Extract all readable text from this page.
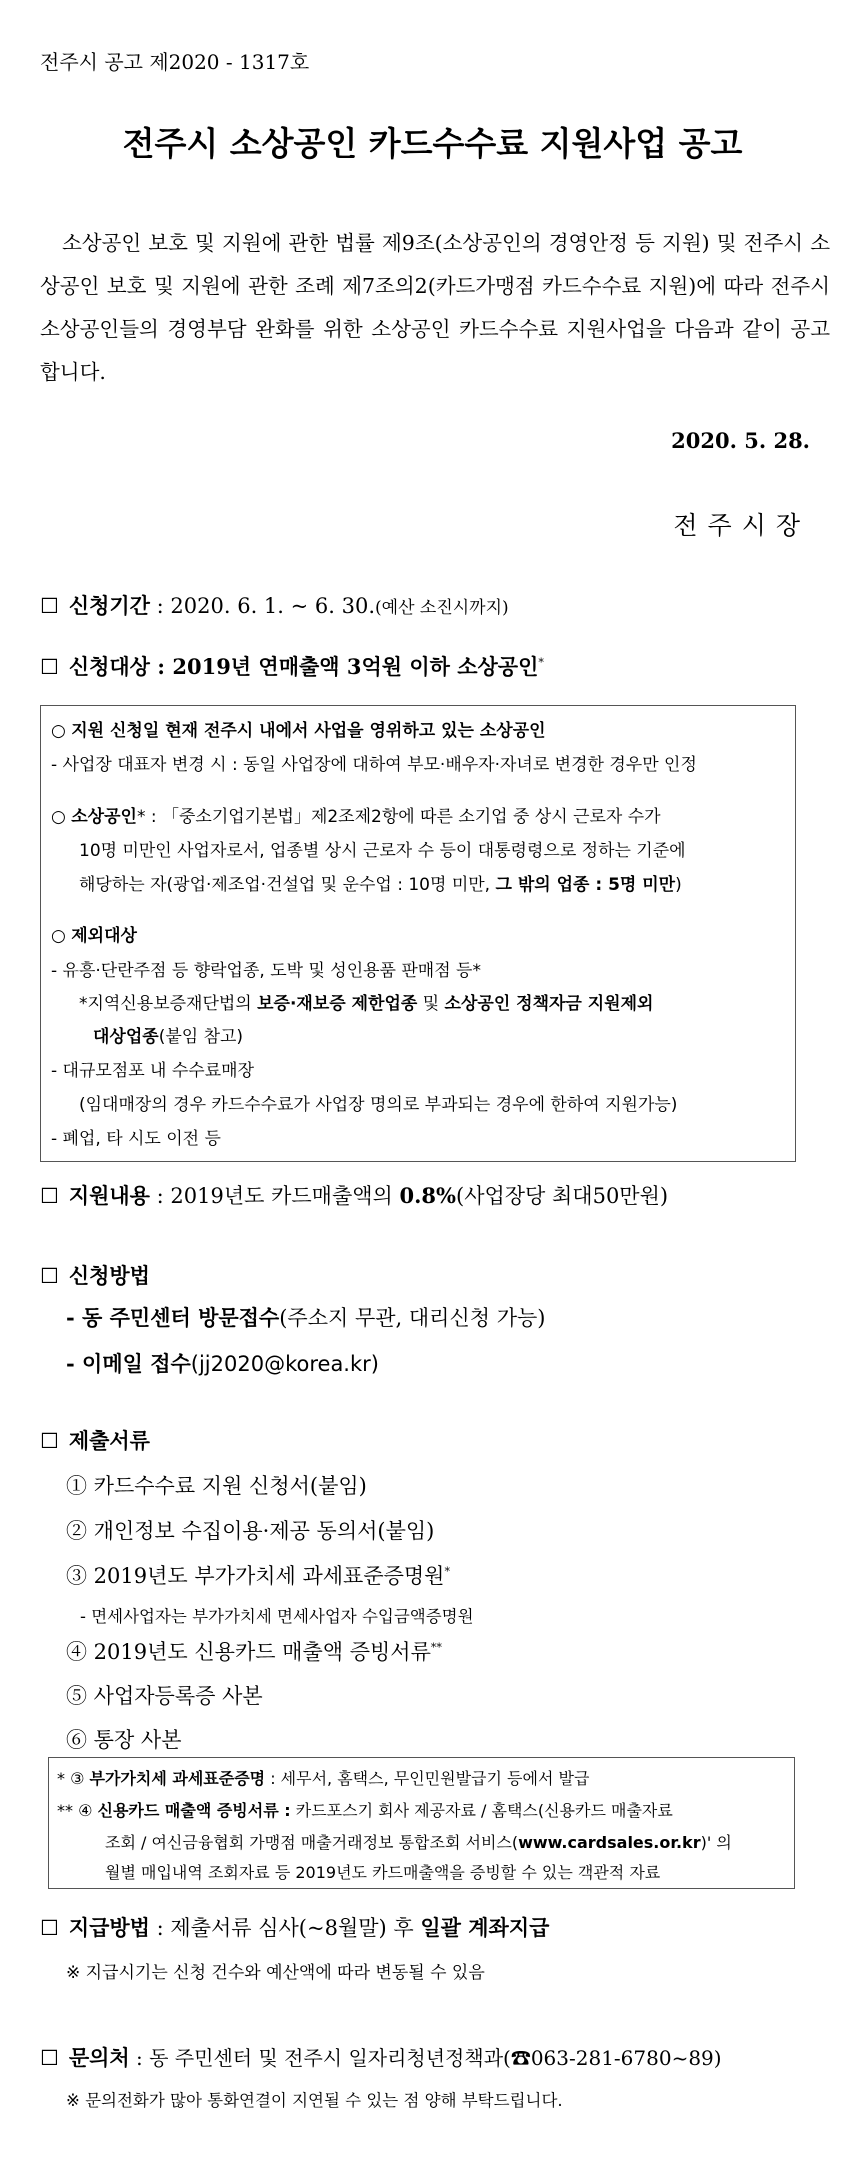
전주시 공고 제2020 - 1317호
전주시 소상공인 카드수수료 지원사업 공고
소상공인 보호 및 지원에 관한 법률 제9조(소상공인의 경영안정 등 지원) 및 전주시 소상공인 보호 및 지원에 관한 조례 제7조의2(카드가맹점 카드수수료 지원)에 따라 전주시 소상공인들의 경영부담 완화를 위한 소상공인 카드수수료 지원사업을 다음과 같이 공고합니다.
2020. 5. 28.
전주시장
☐ 신청기간 : 2020. 6. 1. ~ 6. 30.(예산 소진시까지)
☐ 신청대상 : 2019년 연매출액 3억원 이하 소상공인*
○ 지원 신청일 현재 전주시 내에서 사업을 영위하고 있는 소상공인
- 사업장 대표자 변경 시 : 동일 사업장에 대하여 부모·배우자·자녀로 변경한 경우만 인정
○ 소상공인* : 「중소기업기본법」제2조제2항에 따른 소기업 중 상시 근로자 수가
10명 미만인 사업자로서, 업종별 상시 근로자 수 등이 대통령령으로 정하는 기준에
해당하는 자(광업·제조업·건설업 및 운수업 : 10명 미만, 그 밖의 업종 : 5명 미만)
○ 제외대상
- 유흥·단란주점 등 향락업종, 도박 및 성인용품 판매점 등*
*지역신용보증재단법의 보증·재보증 제한업종 및 소상공인 정책자금 지원제외
대상업종(붙임 참고)
- 대규모점포 내 수수료매장
(임대매장의 경우 카드수수료가 사업장 명의로 부과되는 경우에 한하여 지원가능)
- 폐업, 타 시도 이전 등
☐ 지원내용 : 2019년도 카드매출액의 0.8%(사업장당 최대50만원)
☐ 신청방법
- 동 주민센터 방문접수(주소지 무관, 대리신청 가능)
- 이메일 접수(jj2020@korea.kr)
☐ 제출서류
① 카드수수료 지원 신청서(붙임)
② 개인정보 수집이용·제공 동의서(붙임)
③ 2019년도 부가가치세 과세표준증명원*
- 면세사업자는 부가가치세 면세사업자 수입금액증명원
④ 2019년도 신용카드 매출액 증빙서류**
⑤ 사업자등록증 사본
⑥ 통장 사본
* ③ 부가가치세 과세표준증명 : 세무서, 홈택스, 무인민원발급기 등에서 발급
** ④ 신용카드 매출액 증빙서류 : 카드포스기 회사 제공자료 / 홈택스(신용카드 매출자료
조회 / 여신금융협회 가맹점 매출거래정보 통합조회 서비스(www.cardsales.or.kr)' 의
월별 매입내역 조회자료 등 2019년도 카드매출액을 증빙할 수 있는 객관적 자료
☐ 지급방법 : 제출서류 심사(~8월말) 후 일괄 계좌지급
※ 지급시기는 신청 건수와 예산액에 따라 변동될 수 있음
☐ 문의처 : 동 주민센터 및 전주시 일자리청년정책과(☎063-281-6780~89)
※ 문의전화가 많아 통화연결이 지연될 수 있는 점 양해 부탁드립니다.
